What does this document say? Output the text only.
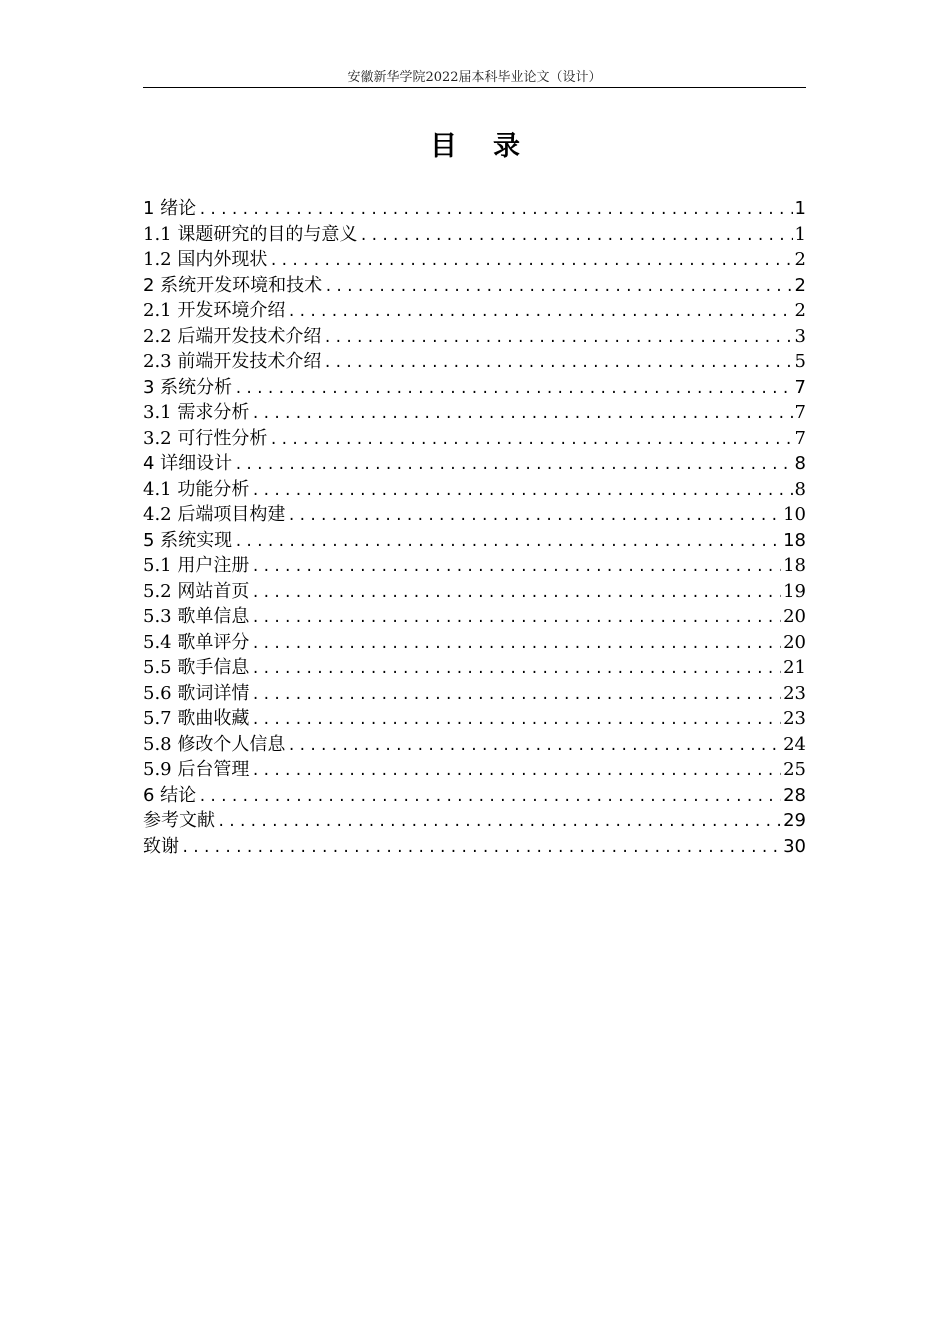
安徽新华学院2022届本科毕业论文（设计）
目录
1 绪论 .....	1
1.1 课题研究的目的与意义 .....	1
1.2 国内外现状 .....	2
2 系统开发环境和技术 .....	2
2.1 开发环境介绍 .....	2
2.2 后端开发技术介绍 .....	3
2.3 前端开发技术介绍 .....	5
3 系统分析 .....	7
3.1 需求分析 .....	7
3.2 可行性分析 .....	7
4 详细设计 .....	8
4.1 功能分析 .....	8
4.2 后端项目构建 .....	10
5 系统实现 .....	18
5.1 用户注册 .....	18
5.2 网站首页 .....	19
5.3 歌单信息 .....	20
5.4 歌单评分 .....	20
5.5 歌手信息 .....	21
5.6 歌词详情 .....	23
5.7 歌曲收藏 .....	23
5.8 修改个人信息 .....	24
5.9 后台管理 .....	25
6 结论 .....	28
参考文献 .....	29
致谢 .....	30
